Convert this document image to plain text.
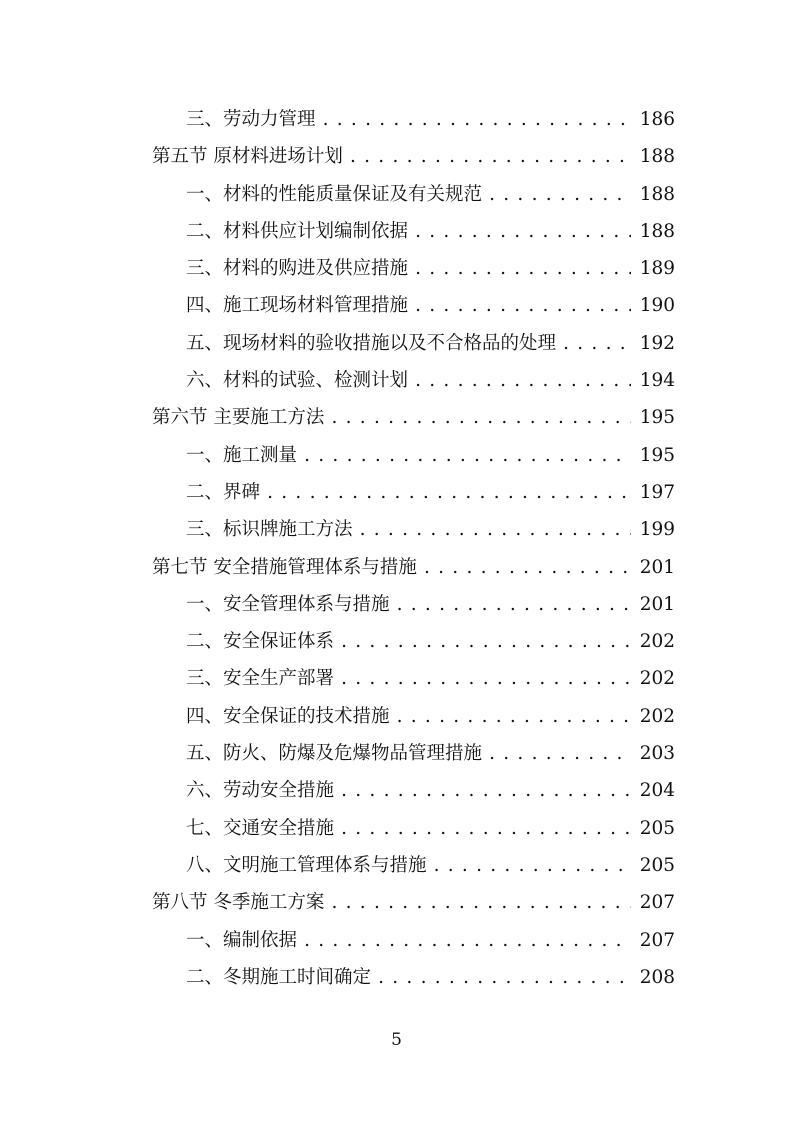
三、劳动力管理 . . .	186
第五节 原材料进场计划 . . .	188
一、材料的性能质量保证及有关规范 . . .	188
二、材料供应计划编制依据 . . .	188
三、材料的购进及供应措施 . . .	189
四、施工现场材料管理措施 . . .	190
五、现场材料的验收措施以及不合格品的处理 . . .	192
六、材料的试验、检测计划 . . .	194
第六节 主要施工方法 . . .	195
一、施工测量 . . .	195
二、界碑 . . .	197
三、标识牌施工方法 . . .	199
第七节 安全措施管理体系与措施 . . .	201
一、安全管理体系与措施 . . .	201
二、安全保证体系 . . .	202
三、安全生产部署 . . .	202
四、安全保证的技术措施 . . .	202
五、防火、防爆及危爆物品管理措施 . . .	203
六、劳动安全措施 . . .	204
七、交通安全措施 . . .	205
八、文明施工管理体系与措施 . . .	205
第八节 冬季施工方案 . . .	207
一、编制依据 . . .	207
二、冬期施工时间确定 . . .	208
5
